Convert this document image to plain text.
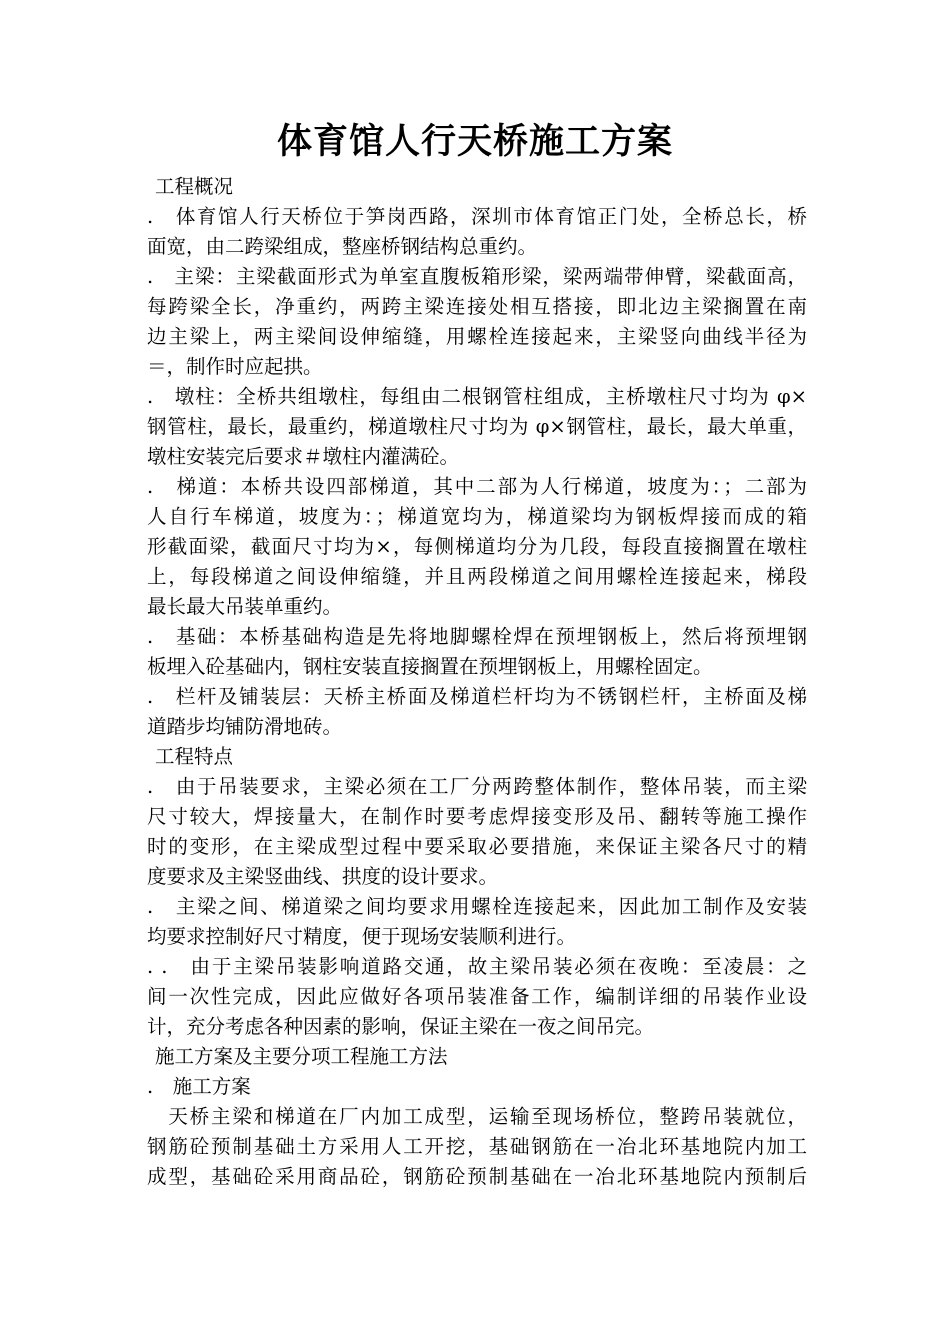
体育馆人行天桥施工方案
工程概况
.　体育馆人行天桥位于笋岗西路，深圳市体育馆正门处，全桥总长，桥
面宽，由二跨梁组成，整座桥钢结构总重约。
.　主梁：主梁截面形式为单室直腹板箱形梁，梁两端带伸臂，梁截面高，
每跨梁全长，净重约，两跨主梁连接处相互搭接，即北边主梁搁置在南
边主梁上，两主梁间设伸缩缝，用螺栓连接起来，主梁竖向曲线半径为
＝，制作时应起拱。
.　墩柱：全桥共组墩柱，每组由二根钢管柱组成，主桥墩柱尺寸均为 φ×
钢管柱，最长，最重约，梯道墩柱尺寸均为 φ×钢管柱，最长，最大单重，
墩柱安装完后要求＃墩柱内灌满砼。
.　梯道：本桥共设四部梯道，其中二部为人行梯道，坡度为：；二部为
人自行车梯道，坡度为：；梯道宽均为，梯道梁均为钢板焊接而成的箱
形截面梁，截面尺寸均为×，每侧梯道均分为几段，每段直接搁置在墩柱
上，每段梯道之间设伸缩缝，并且两段梯道之间用螺栓连接起来，梯段
最长最大吊装单重约。
.　基础：本桥基础构造是先将地脚螺栓焊在预埋钢板上，然后将预埋钢
板埋入砼基础内，钢柱安装直接搁置在预埋钢板上，用螺栓固定。
.　栏杆及铺装层：天桥主桥面及梯道栏杆均为不锈钢栏杆，主桥面及梯
道踏步均铺防滑地砖。
工程特点
.　由于吊装要求，主梁必须在工厂分两跨整体制作，整体吊装，而主梁
尺寸较大，焊接量大，在制作时要考虑焊接变形及吊、翻转等施工操作
时的变形，在主梁成型过程中要采取必要措施，来保证主梁各尺寸的精
度要求及主梁竖曲线、拱度的设计要求。
.　主梁之间、梯道梁之间均要求用螺栓连接起来，因此加工制作及安装
均要求控制好尺寸精度，便于现场安装顺利进行。
. .　由于主梁吊装影响道路交通，故主梁吊装必须在夜晚：至凌晨：之
间一次性完成，因此应做好各项吊装准备工作，编制详细的吊装作业设
计，充分考虑各种因素的影响，保证主梁在一夜之间吊完。
施工方案及主要分项工程施工方法
.　施工方案
　天桥主梁和梯道在厂内加工成型，运输至现场桥位，整跨吊装就位，
钢筋砼预制基础土方采用人工开挖，基础钢筋在一冶北环基地院内加工
成型，基础砼采用商品砼，钢筋砼预制基础在一冶北环基地院内预制后
